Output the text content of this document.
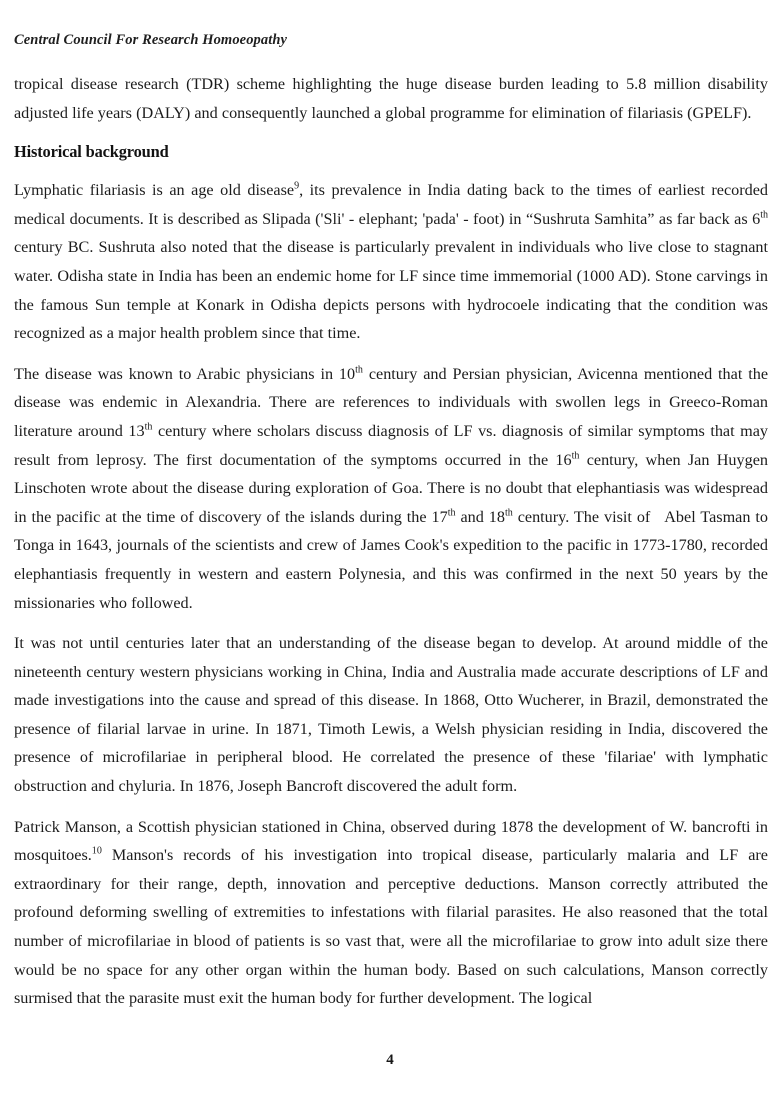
Central Council For Research Homoeopathy

tropical disease research (TDR) scheme highlighting the huge disease burden leading to 5.8 million disability adjusted life years (DALY) and consequently launched a global programme for elimination of filariasis (GPELF).

Historical background

Lymphatic filariasis is an age old disease$^9$, its prevalence in India dating back to the times of earliest recorded medical documents. It is described as Slipada ('Sli' - elephant; 'pada' - foot) in “Sushruta Samhita” as far back as 6th century BC. Sushruta also noted that the disease is particularly prevalent in individuals who live close to stagnant water. Odisha state in India has been an endemic home for LF since time immemorial (1000 AD). Stone carvings in the famous Sun temple at Konark in Odisha depicts persons with hydrocoele indicating that the condition was recognized as a major health problem since that time.

The disease was known to Arabic physicians in 10th century and Persian physician, Avicenna mentioned that the disease was endemic in Alexandria. There are references to individuals with swollen legs in Greeco-Roman literature around 13th century where scholars discuss diagnosis of LF vs. diagnosis of similar symptoms that may result from leprosy. The first documentation of the symptoms occurred in the 16th century, when Jan Huygen Linschoten wrote about the disease during exploration of Goa. There is no doubt that elephantiasis was widespread in the pacific at the time of discovery of the islands during the 17th and 18th century. The visit of   Abel Tasman to Tonga in 1643, journals of the scientists and crew of James Cook's expedition to the pacific in 1773-1780, recorded elephantiasis frequently in western and eastern Polynesia, and this was confirmed in the next 50 years by the missionaries who followed.

It was not until centuries later that an understanding of the disease began to develop. At around middle of the nineteenth century western physicians working in China, India and Australia made accurate descriptions of LF and made investigations into the cause and spread of this disease. In 1868, Otto Wucherer, in Brazil, demonstrated the presence of filarial larvae in urine. In 1871, Timoth Lewis, a Welsh physician residing in India, discovered the presence of microfilariae in peripheral blood. He correlated the presence of these 'filariae' with lymphatic obstruction and chyluria. In 1876, Joseph Bancroft discovered the adult form.

Patrick Manson, a Scottish physician stationed in China, observed during 1878 the development of W. bancrofti in mosquitoes.$^{10}$ Manson's records of his investigation into tropical disease, particularly malaria and LF are extraordinary for their range, depth, innovation and perceptive deductions. Manson correctly attributed the profound deforming swelling of extremities to infestations with filarial parasites. He also reasoned that the total number of microfilariae in blood of patients is so vast that, were all the microfilariae to grow into adult size there would be no space for any other organ within the human body. Based on such calculations, Manson correctly surmised that the parasite must exit the human body for further development. The logical

4
